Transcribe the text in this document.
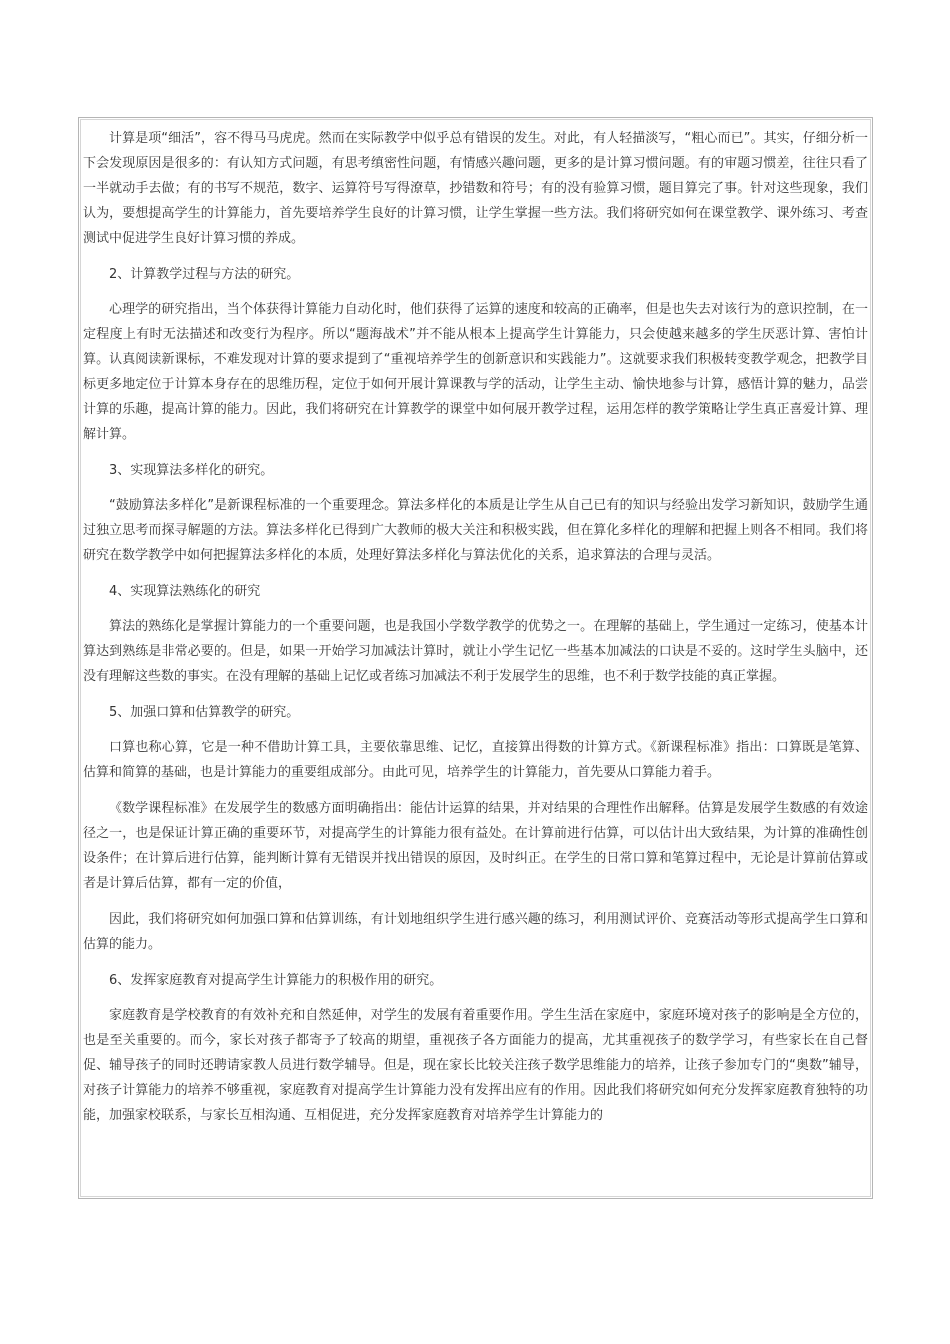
计算是项“细活”，容不得马马虎虎。然而在实际教学中似乎总有错误的发生。对此，有人轻描淡写，“粗心而已”。其实，仔细分析一下会发现原因是很多的：有认知方式问题，有思考缜密性问题，有情感兴趣问题，更多的是计算习惯问题。有的审题习惯差，往往只看了一半就动手去做；有的书写不规范，数字、运算符号写得潦草，抄错数和符号；有的没有验算习惯，题目算完了事。针对这些现象，我们认为，要想提高学生的计算能力，首先要培养学生良好的计算习惯，让学生掌握一些方法。我们将研究如何在课堂教学、课外练习、考查测试中促进学生良好计算习惯的养成。

2、计算教学过程与方法的研究。

心理学的研究指出，当个体获得计算能力自动化时，他们获得了运算的速度和较高的正确率，但是也失去对该行为的意识控制，在一定程度上有时无法描述和改变行为程序。所以“题海战术”并不能从根本上提高学生计算能力，只会使越来越多的学生厌恶计算、害怕计算。认真阅读新课标，不难发现对计算的要求提到了“重视培养学生的创新意识和实践能力”。这就要求我们积极转变教学观念，把教学目标更多地定位于计算本身存在的思维历程，定位于如何开展计算课教与学的活动，让学生主动、愉快地参与计算，感悟计算的魅力，品尝计算的乐趣，提高计算的能力。因此，我们将研究在计算教学的课堂中如何展开教学过程，运用怎样的教学策略让学生真正喜爱计算、理解计算。

3、实现算法多样化的研究。

“鼓励算法多样化”是新课程标准的一个重要理念。算法多样化的本质是让学生从自己已有的知识与经验出发学习新知识，鼓励学生通过独立思考而探寻解题的方法。算法多样化已得到广大教师的极大关注和积极实践，但在算化多样化的理解和把握上则各不相同。我们将研究在数学教学中如何把握算法多样化的本质，处理好算法多样化与算法优化的关系，追求算法的合理与灵活。

4、实现算法熟练化的研究

算法的熟练化是掌握计算能力的一个重要问题，也是我国小学数学教学的优势之一。在理解的基础上，学生通过一定练习，使基本计算达到熟练是非常必要的。但是，如果一开始学习加减法计算时，就让小学生记忆一些基本加减法的口诀是不妥的。这时学生头脑中，还没有理解这些数的事实。在没有理解的基础上记忆或者练习加减法不利于发展学生的思维，也不利于数学技能的真正掌握。

5、加强口算和估算教学的研究。

口算也称心算，它是一种不借助计算工具，主要依靠思维、记忆，直接算出得数的计算方式。《新课程标准》指出：口算既是笔算、估算和简算的基础，也是计算能力的重要组成部分。由此可见，培养学生的计算能力，首先要从口算能力着手。

《数学课程标准》在发展学生的数感方面明确指出：能估计运算的结果，并对结果的合理性作出解释。估算是发展学生数感的有效途径之一，也是保证计算正确的重要环节，对提高学生的计算能力很有益处。在计算前进行估算，可以估计出大致结果，为计算的准确性创设条件；在计算后进行估算，能判断计算有无错误并找出错误的原因，及时纠正。在学生的日常口算和笔算过程中，无论是计算前估算或者是计算后估算，都有一定的价值，

因此，我们将研究如何加强口算和估算训练，有计划地组织学生进行感兴趣的练习，利用测试评价、竞赛活动等形式提高学生口算和估算的能力。

6、发挥家庭教育对提高学生计算能力的积极作用的研究。

家庭教育是学校教育的有效补充和自然延伸，对学生的发展有着重要作用。学生生活在家庭中，家庭环境对孩子的影响是全方位的，也是至关重要的。而今，家长对孩子都寄予了较高的期望，重视孩子各方面能力的提高，尤其重视孩子的数学学习，有些家长在自己督促、辅导孩子的同时还聘请家教人员进行数学辅导。但是，现在家长比较关注孩子数学思维能力的培养，让孩子参加专门的“奥数”辅导，对孩子计算能力的培养不够重视，家庭教育对提高学生计算能力没有发挥出应有的作用。因此我们将研究如何充分发挥家庭教育独特的功能，加强家校联系，与家长互相沟通、互相促进，充分发挥家庭教育对培养学生计算能力的
